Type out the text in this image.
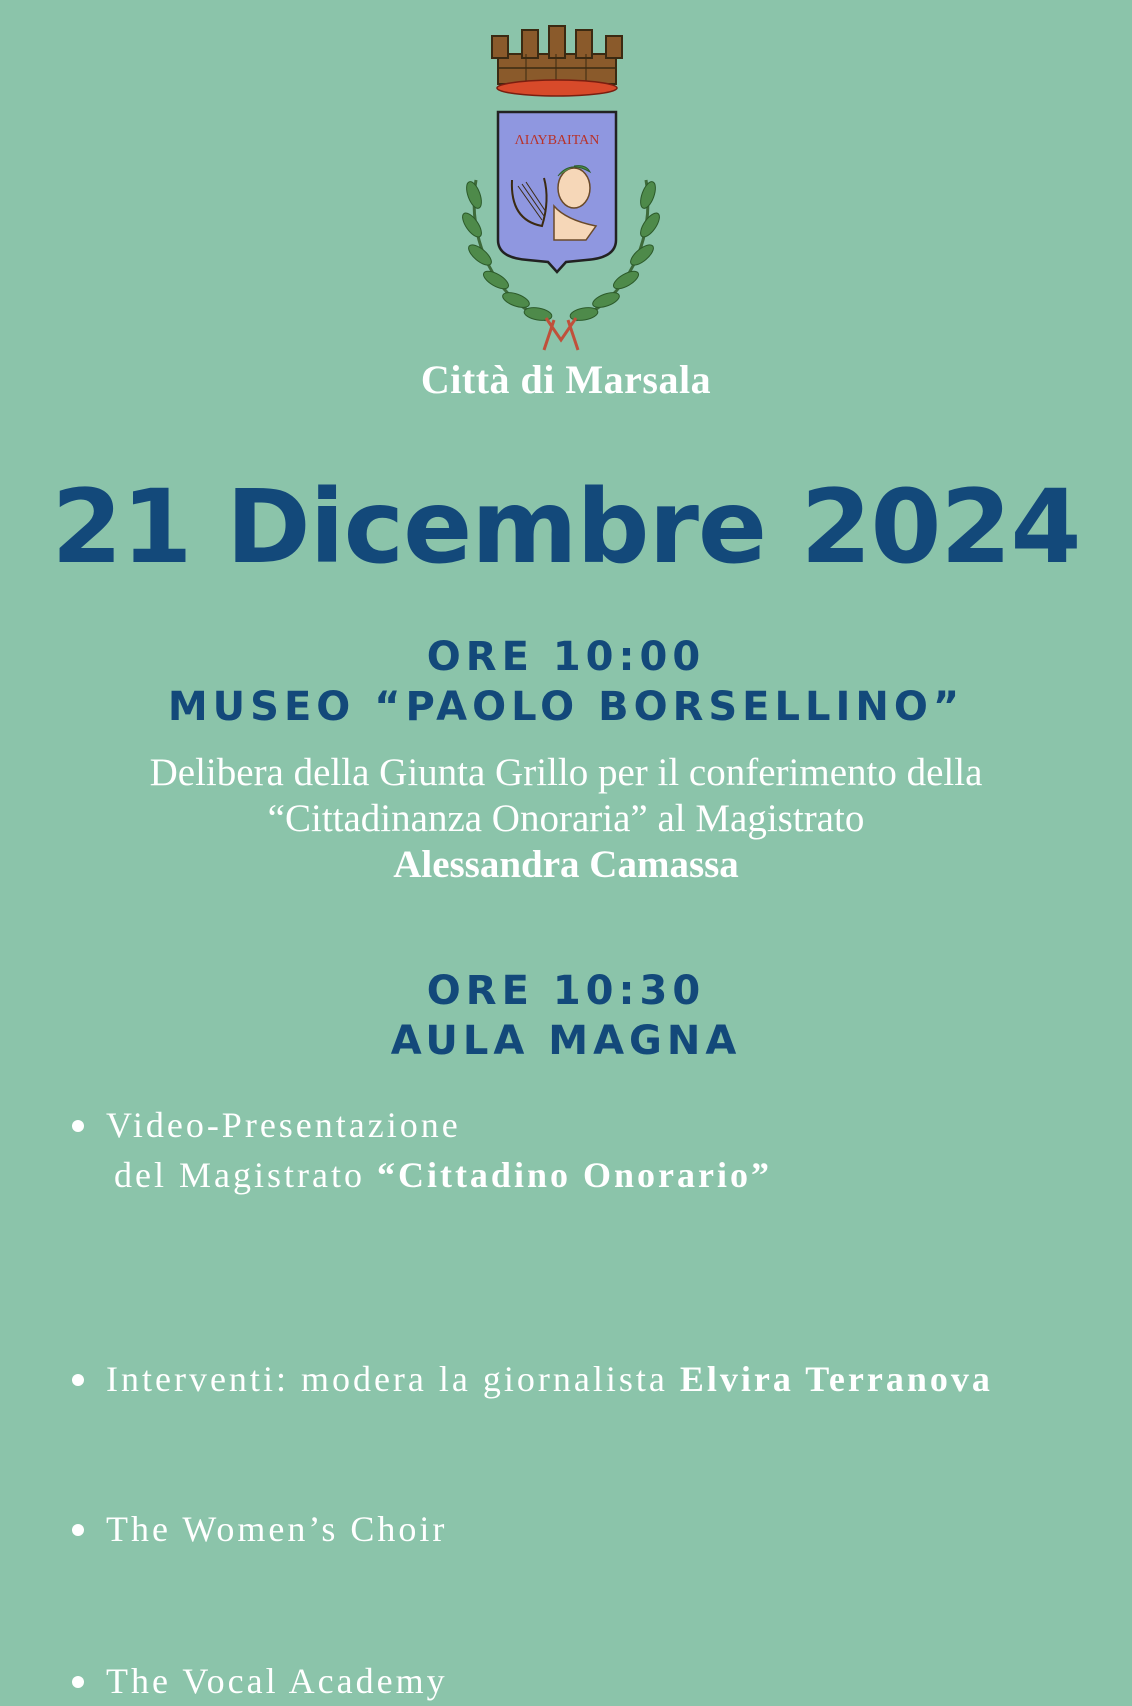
ΛΙΛΥΒΑΙΤΑΝ
Città di Marsala
21 Dicembre 2024
ORE 10:00
MUSEO “PAOLO BORSELLINO”
Delibera della Giunta Grillo per il conferimento della
“Cittadinanza Onoraria” al Magistrato
Alessandra Camassa
ORE 10:30
AULA MAGNA
Video-Presentazione
del Magistrato “Cittadino Onorario”
Interventi: modera la giornalista Elvira Terranova
The Women’s Choir
The Vocal Academy
